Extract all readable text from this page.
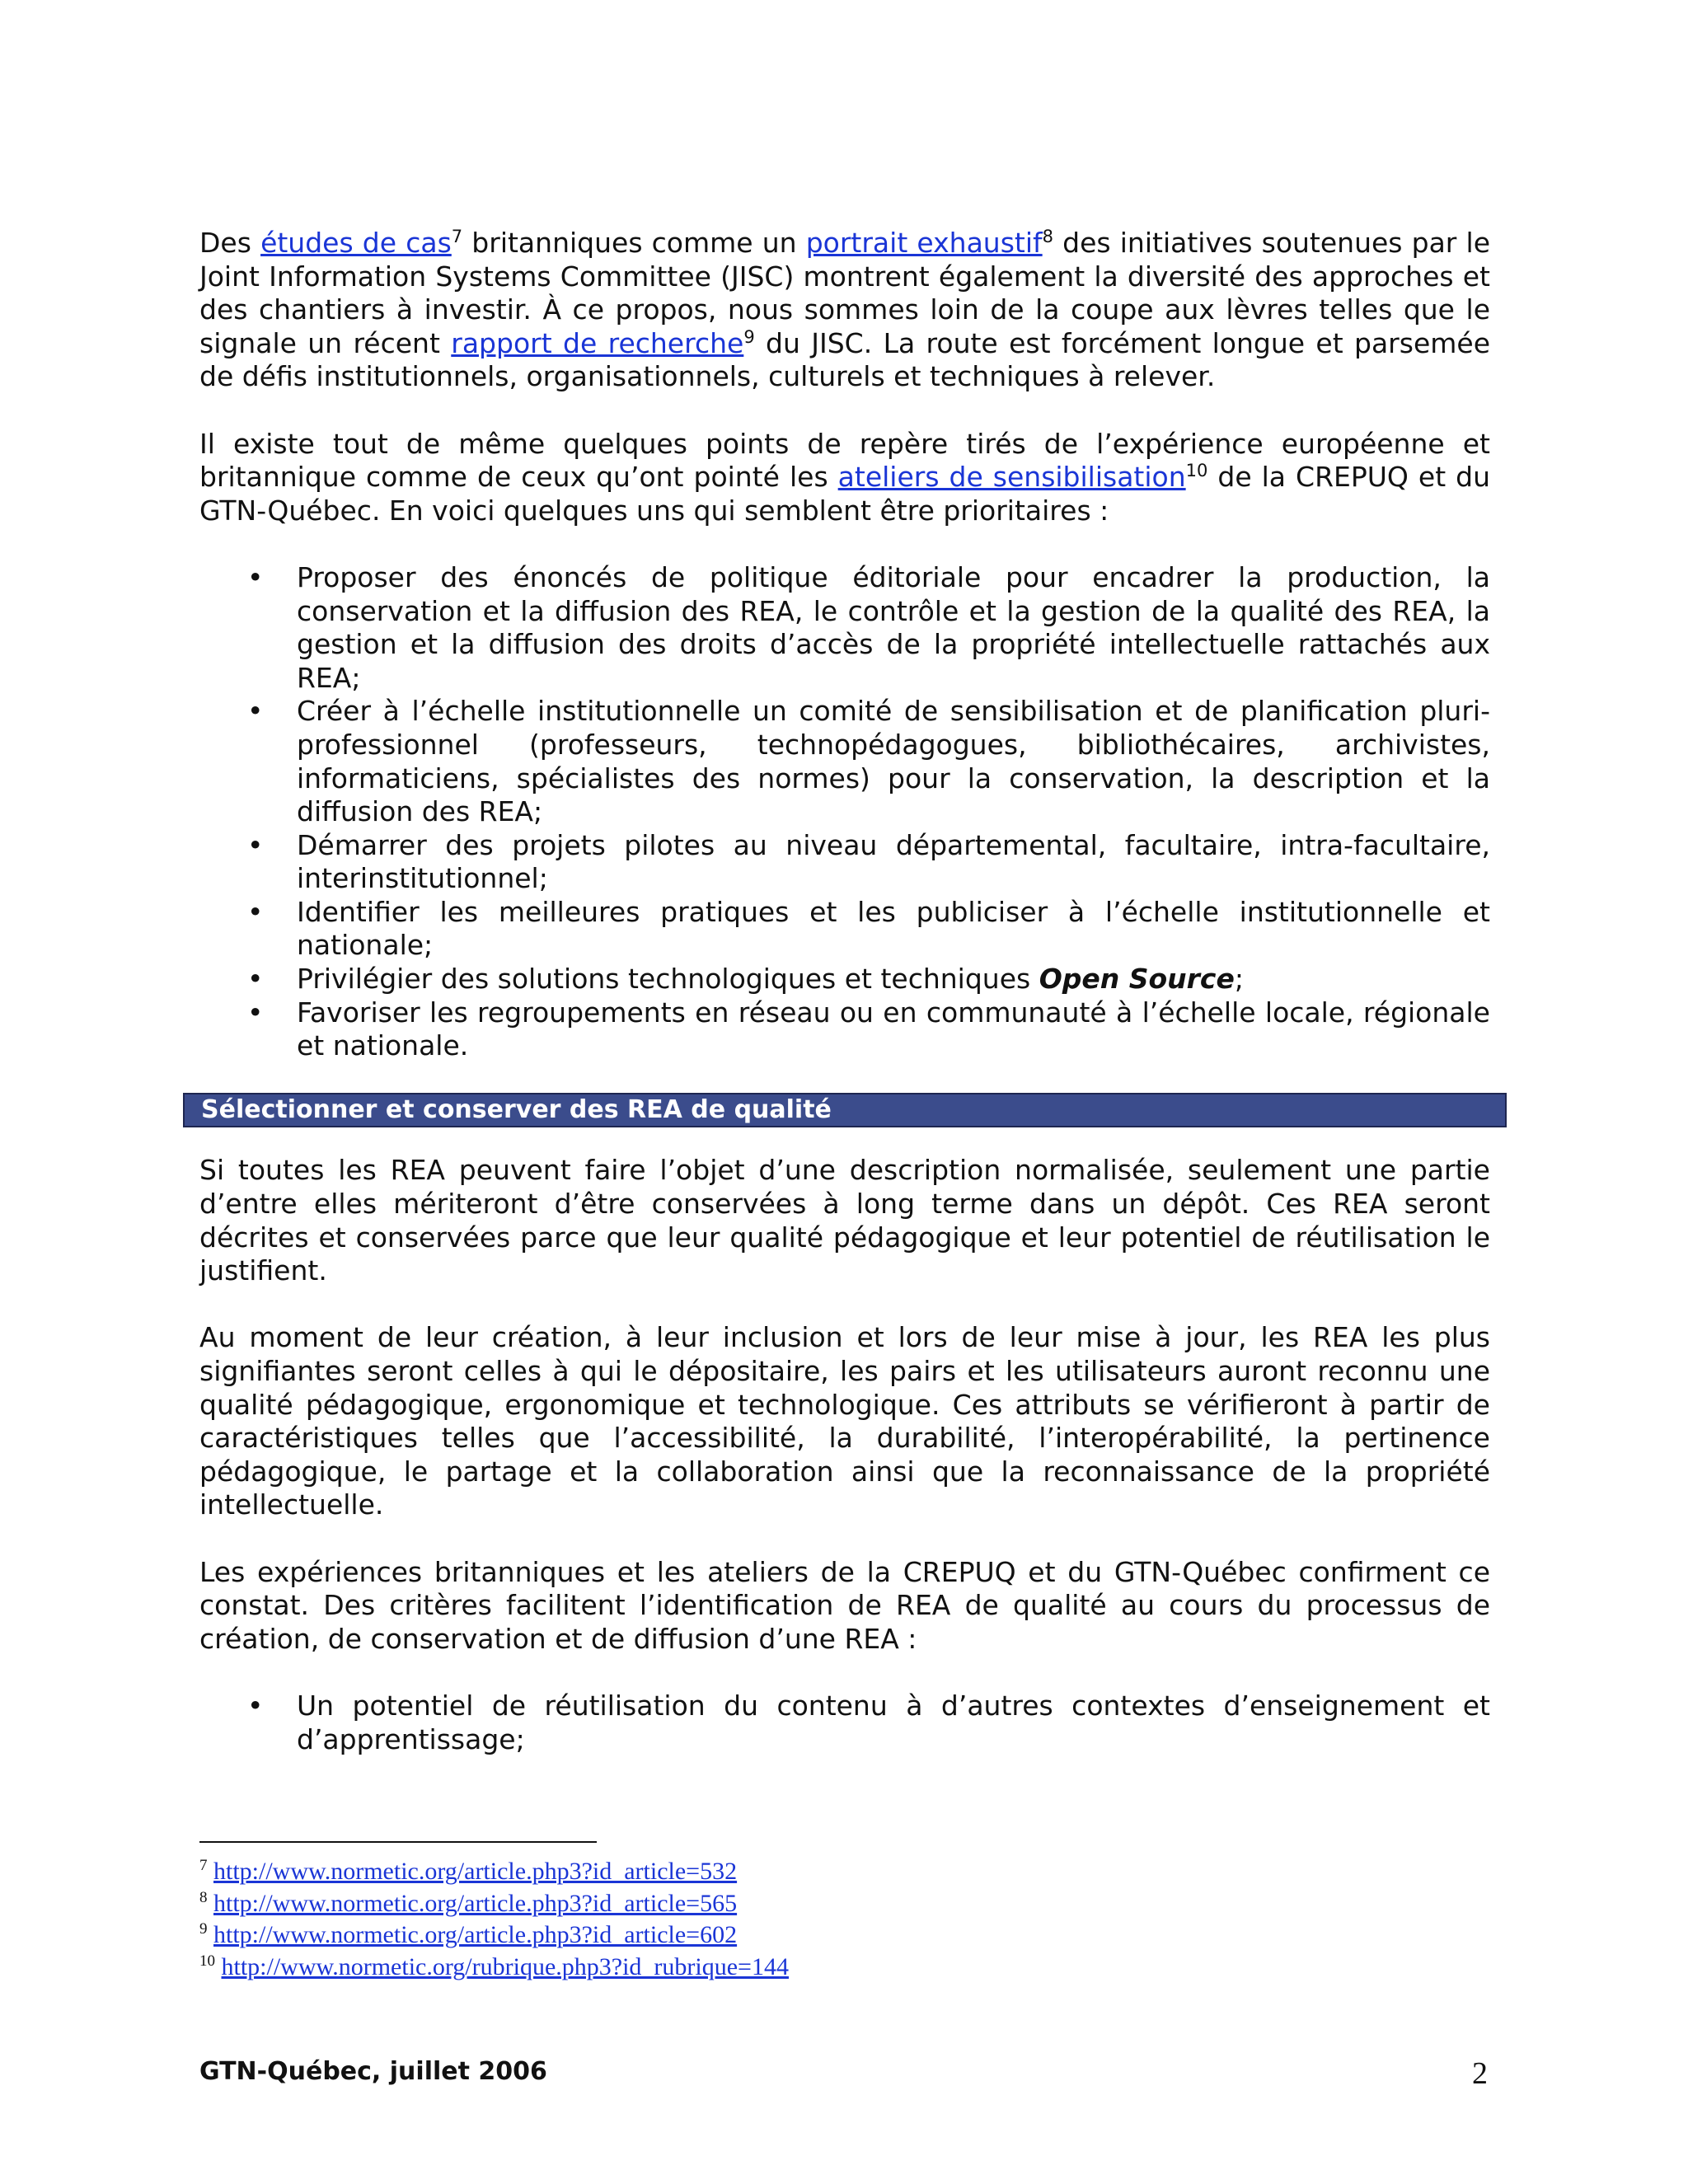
Des études de cas$^7$ britanniques comme un portrait exhaustif$^8$ des initiatives soutenues par le Joint Information Systems Committee (JISC) montrent également la diversité des approches et des chantiers à investir. À ce propos, nous sommes loin de la coupe aux lèvres telles que le signale un récent rapport de recherche$^9$ du JISC. La route est forcément longue et parsemée de défis institutionnels, organisationnels, culturels et techniques à relever.

Il existe tout de même quelques points de repère tirés de l’expérience européenne et britannique comme de ceux qu’ont pointé les ateliers de sensibilisation$^{10}$ de la CREPUQ et du GTN-Québec. En voici quelques uns qui semblent être prioritaires :

• Proposer des énoncés de politique éditoriale pour encadrer la production, la conservation et la diffusion des REA, le contrôle et la gestion de la qualité des REA, la gestion et la diffusion des droits d’accès de la propriété intellectuelle rattachés aux REA;
• Créer à l’échelle institutionnelle un comité de sensibilisation et de planification pluri-professionnel (professeurs, technopédagogues, bibliothécaires, archivistes, informaticiens, spécialistes des normes) pour la conservation, la description et la diffusion des REA;
• Démarrer des projets pilotes au niveau départemental, facultaire, intra-facultaire, interinstitutionnel;
• Identifier les meilleures pratiques et les publiciser à l’échelle institutionnelle et nationale;
• Privilégier des solutions technologiques et techniques Open Source;
• Favoriser les regroupements en réseau ou en communauté à l’échelle locale, régionale et nationale.
Sélectionner et conserver des REA de qualité

Si toutes les REA peuvent faire l’objet d’une description normalisée, seulement une partie d’entre elles mériteront d’être conservées à long terme dans un dépôt. Ces REA seront décrites et conservées parce que leur qualité pédagogique et leur potentiel de réutilisation le justifient.

Au moment de leur création, à leur inclusion et lors de leur mise à jour, les REA les plus signifiantes seront celles à qui le dépositaire, les pairs et les utilisateurs auront reconnu une qualité pédagogique, ergonomique et technologique. Ces attributs se vérifieront à partir de caractéristiques telles que l’accessibilité, la durabilité, l’interopérabilité, la pertinence pédagogique, le partage et la collaboration ainsi que la reconnaissance de la propriété intellectuelle.

Les expériences britanniques et les ateliers de la CREPUQ et du GTN-Québec confirment ce constat. Des critères facilitent l’identification de REA de qualité au cours du processus de création, de conservation et de diffusion d’une REA :

• Un potentiel de réutilisation du contenu à d’autres contextes d’enseignement et d’apprentissage;
$^7$ http://www.normetic.org/article.php3?id_article=532
$^8$ http://www.normetic.org/article.php3?id_article=565
$^9$ http://www.normetic.org/article.php3?id_article=602
$^{10}$ http://www.normetic.org/rubrique.php3?id_rubrique=144
GTN-Québec, juillet 2006	2
